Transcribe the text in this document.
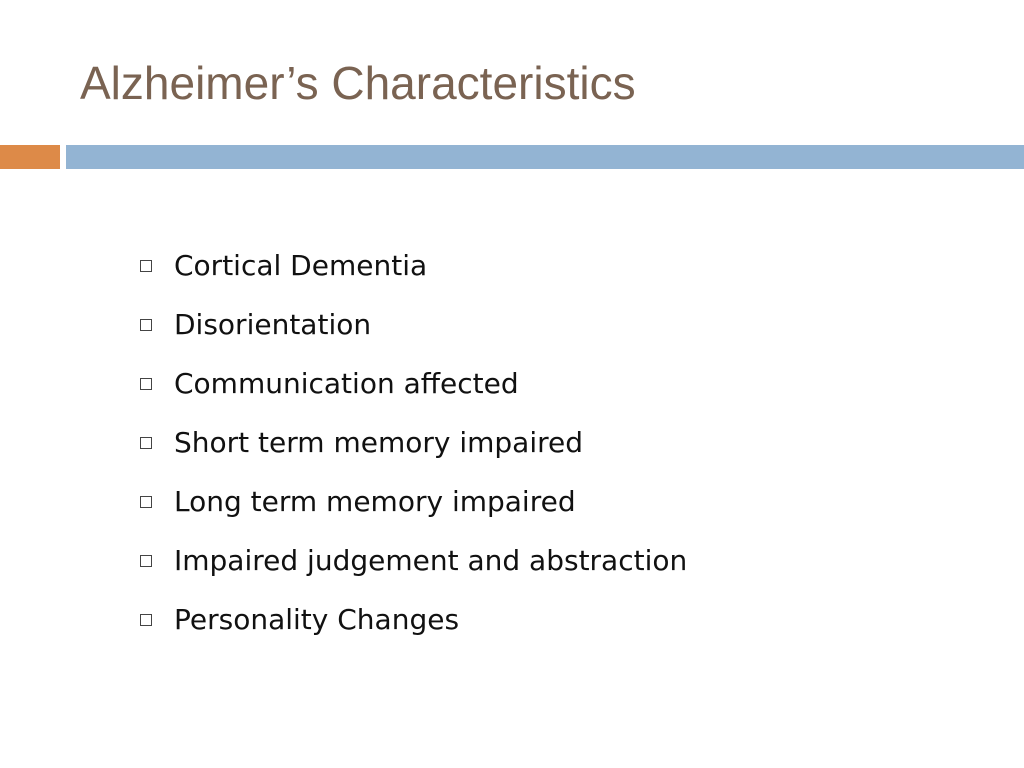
Alzheimer’s Characteristics
Cortical Dementia
Disorientation
Communication affected
Short term memory impaired
Long term memory impaired
Impaired judgement and abstraction
Personality Changes
